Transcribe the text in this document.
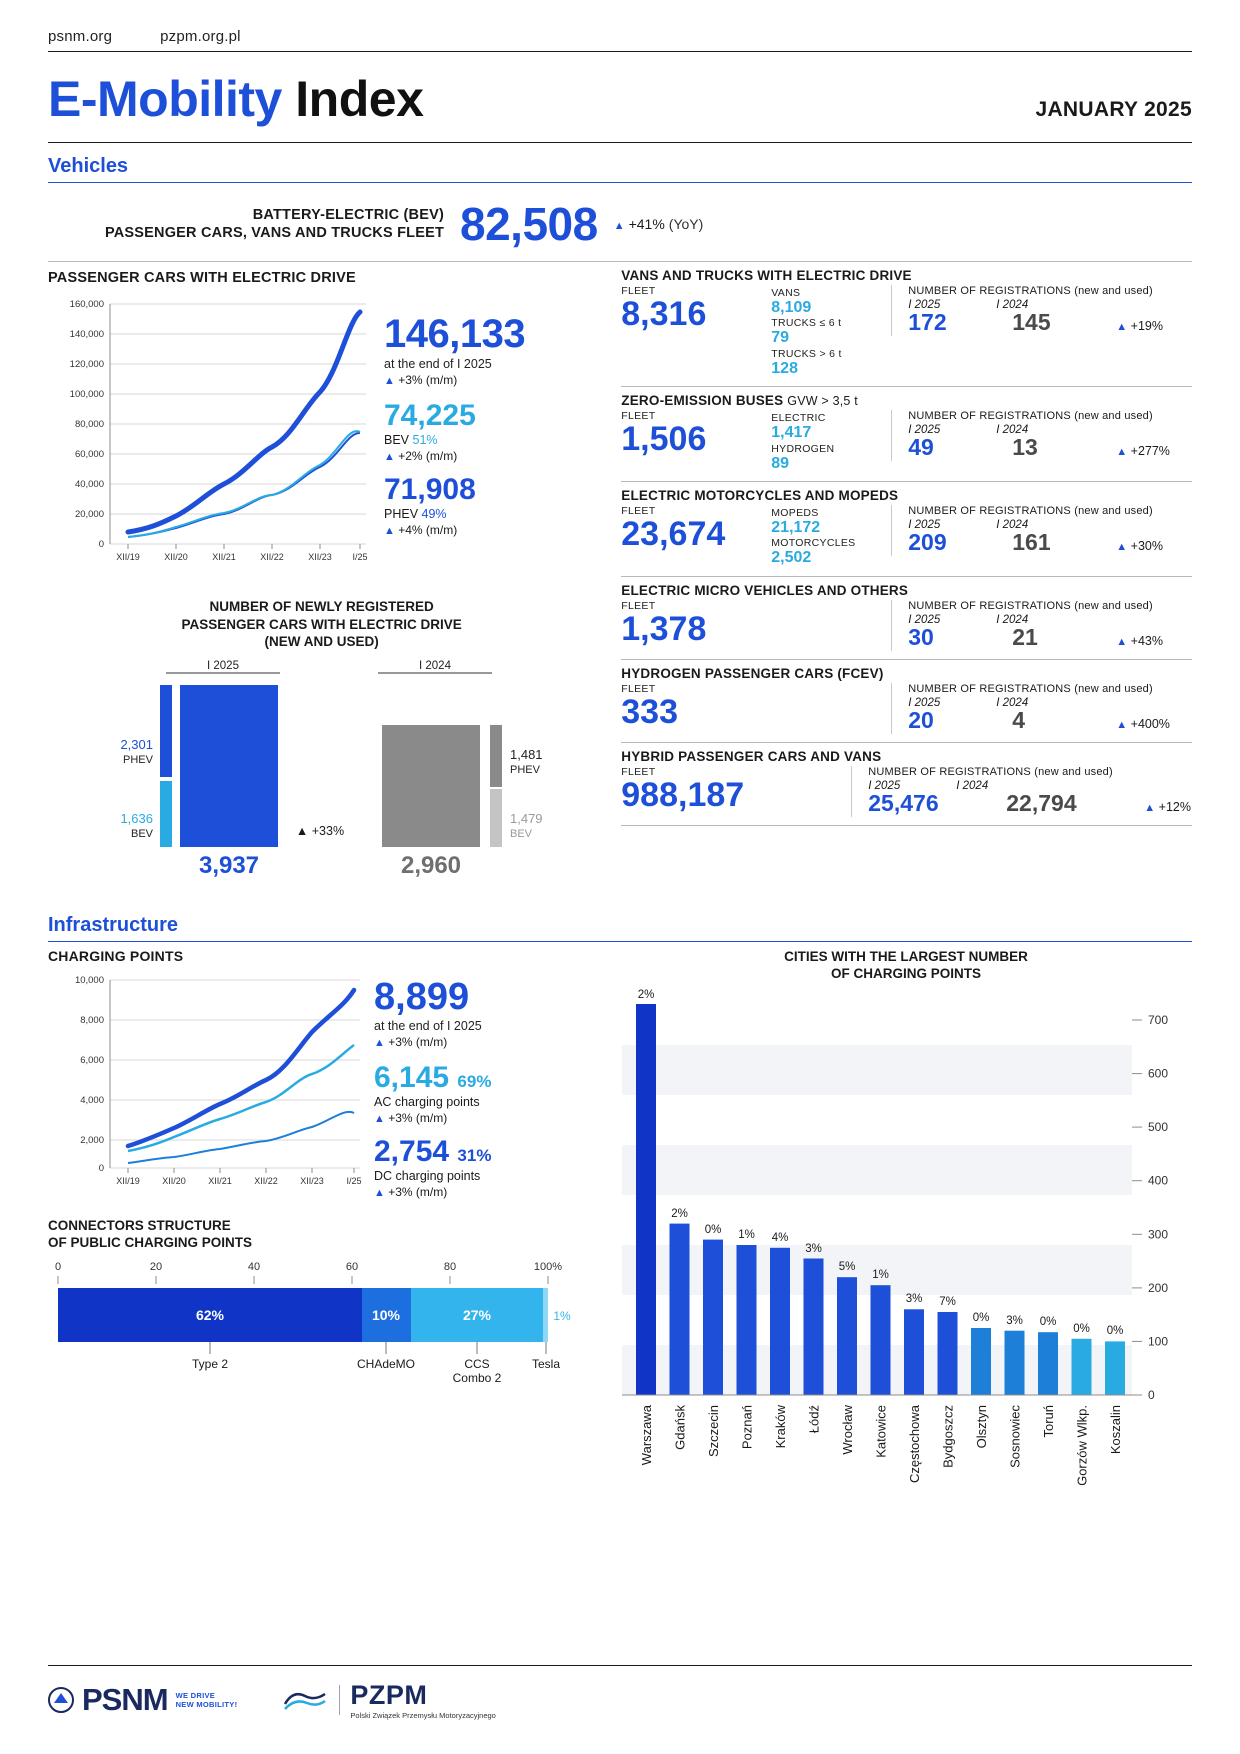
psnm.org	pzpm.org.pl
E-Mobility Index	JANUARY 2025
Vehicles
BATTERY-ELECTRIC (BEV)
PASSENGER CARS, VANS AND TRUCKS FLEET 82,508 ▲ +41% (YoY)
PASSENGER CARS WITH ELECTRIC DRIVE
160,000
140,000
120,000
100,000
80,000
60,000
40,000
20,000
0
XII/19	XII/20	XII/21	XII/22	XII/23 I/25
146,133
at the end of I 2025
▲ +3% (m/m)
74,225
BEV 51%
▲ +2% (m/m)
71,908
PHEV 49%
▲ +4% (m/m)
NUMBER OF NEWLY REGISTERED
PASSENGER CARS WITH ELECTRIC DRIVE
(NEW AND USED)
I 2025	I 2024
2,301
PHEV
1,636
BEV
3,937
▲ +33%
2,960
1,481
PHEV
1,479
BEV
VANS AND TRUCKS WITH ELECTRIC DRIVE
FLEET
8,316
VANS
8,109
TRUCKS ≤ 6 t
79
TRUCKS > 6 t
128
NUMBER OF REGISTRATIONS (new and used)
I 2025	I 2024
172	145	▲ +19%
ZERO-EMISSION BUSES GVW > 3,5 t
FLEET
1,506
ELECTRIC
1,417
HYDROGEN
89
NUMBER OF REGISTRATIONS (new and used)
I 2025	I 2024
49	13	▲ +277%
ELECTRIC MOTORCYCLES AND MOPEDS
FLEET
23,674
MOPEDS
21,172
MOTORCYCLES
2,502
NUMBER OF REGISTRATIONS (new and used)
I 2025	I 2024
209	161	▲ +30%
ELECTRIC MICRO VEHICLES AND OTHERS
FLEET
1,378
NUMBER OF REGISTRATIONS (new and used)
I 2025	I 2024
30	21	▲ +43%
HYDROGEN PASSENGER CARS (FCEV)
FLEET
333
NUMBER OF REGISTRATIONS (new and used)
I 2025	I 2024
20	4	▲ +400%
HYBRID PASSENGER CARS AND VANS
FLEET
988,187
NUMBER OF REGISTRATIONS (new and used)
I 2025	I 2024
25,476	22,794	▲ +12%
Infrastructure
CHARGING POINTS
10,000
8,000
6,000
4,000
2,000
0
XII/19 XII/20 XII/21 XII/22 XII/23	I/25
8,899
at the end of I 2025
▲ +3% (m/m)
6,145 69%
AC charging points
▲ +3% (m/m)
2,754 31%
DC charging points
▲ +3% (m/m)
CONNECTORS STRUCTURE
OF PUBLIC CHARGING POINTS
0	20	40	60	80	100%
62%	10%	27%	1%
Type 2	CHAdeMO	CCS
Combo 2
Tesla
CITIES WITH THE LARGEST NUMBER
OF CHARGING POINTS
700
600
500
400
300
200
100
0
2%
2%
0% 1% 4%
3%
5%
1%
3% 7%
0% 3% 0%
0% 0%
Warszawa Gdańsk Szczecin Poznań Kraków Łódź Wrocław Katowice Częstochowa Bydgoszcz Olsztyn Sosnowiec Toruń Gorzów Wlkp. Koszalin
PSNM WE DRIVE
NEW MOBILITY!	PZPM
Polski Związek Przemysłu Motoryzacyjnego
